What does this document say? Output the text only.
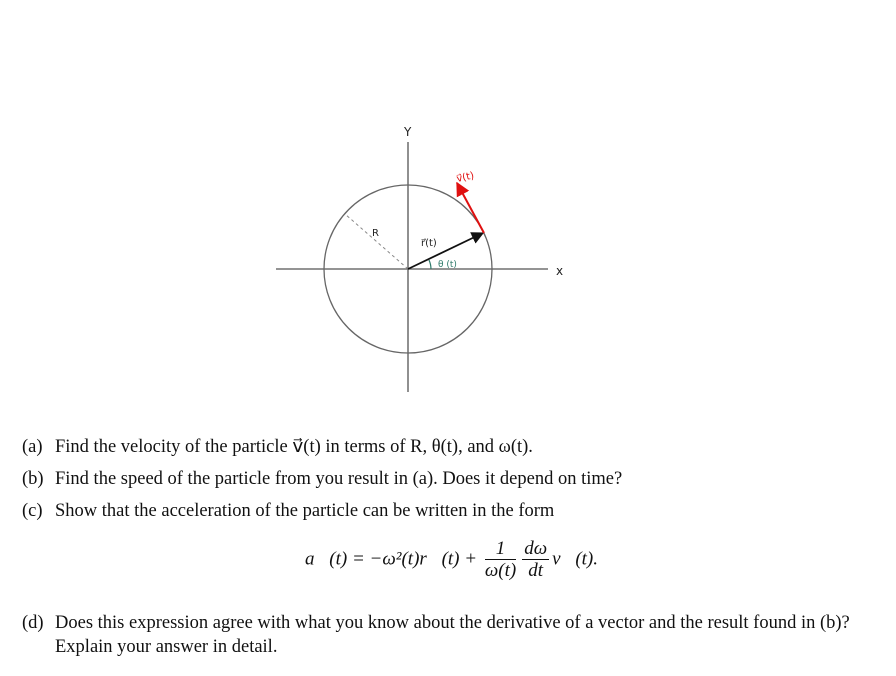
Y
x
R
r⃗(t)
v⃗(t)
θ (t)
(a) Find the velocity of the particle v⃗(t) in terms of R, θ(t), and ω(t).
(b) Find the speed of the particle from you result in (a). Does it depend on time?
(c) Show that the acceleration of the particle can be written in the form
a⃗(t) = −ω²(t)r⃗(t) + $\frac{1}{\omega(t)} \frac{d\omega}{dt}$ v⃗(t).
(d) Does this expression agree with what you know about the derivative of a vector and the result found in (b)? Explain your answer in detail.
